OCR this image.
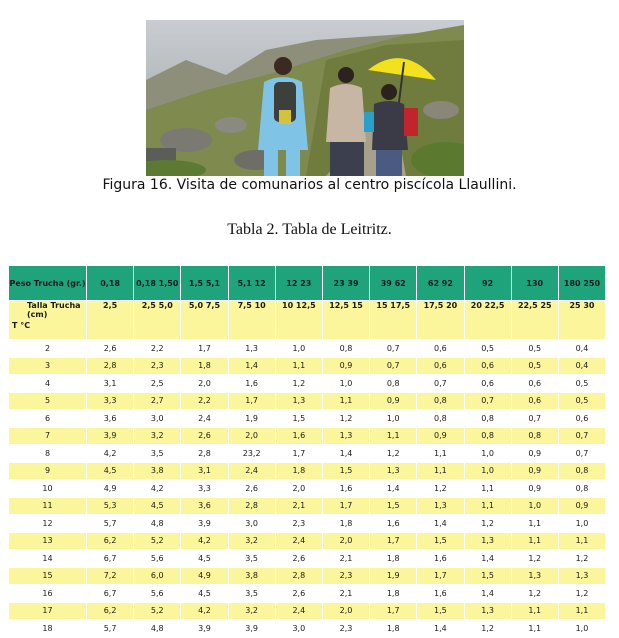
Figura 16. Visita de comunarios al centro piscícola Llaullini.
Tabla 2. Tabla de Leitritz.
Peso Trucha (gr.)	0,18	0,18 1,50	1,5 5,1	5,1 12	12 23	23 39	39 62	62 92	92	130	180 250

Talla Trucha (cm)
T °C	2,5	2,5 5,0	5,0 7,5	7,5 10	10 12,5	12,5 15	15 17,5	17,5 20	20 22,5	22,5 25	25 30
2	2,6	2,2	1,7	1,3	1,0	0,8	0,7	0,6	0,5	0,5	0,4
3	2,8	2,3	1,8	1,4	1,1	0,9	0,7	0,6	0,6	0,5	0,4
4	3,1	2,5	2,0	1,6	1,2	1,0	0,8	0,7	0,6	0,6	0,5
5	3,3	2,7	2,2	1,7	1,3	1,1	0,9	0,8	0,7	0,6	0,5
6	3,6	3,0	2,4	1,9	1,5	1,2	1,0	0,8	0,8	0,7	0,6
7	3,9	3,2	2,6	2,0	1,6	1,3	1,1	0,9	0,8	0,8	0,7
8	4,2	3,5	2,8	23,2	1,7	1,4	1,2	1,1	1,0	0,9	0,7
9	4,5	3,8	3,1	2,4	1,8	1,5	1,3	1,1	1,0	0,9	0,8
10	4,9	4,2	3,3	2,6	2,0	1,6	1,4	1,2	1,1	0,9	0,8
11	5,3	4,5	3,6	2,8	2,1	1,7	1,5	1,3	1,1	1,0	0,9
12	5,7	4,8	3,9	3,0	2,3	1,8	1,6	1,4	1,2	1,1	1,0
13	6,2	5,2	4,2	3,2	2,4	2,0	1,7	1,5	1,3	1,1	1,1
14	6,7	5,6	4,5	3,5	2,6	2,1	1,8	1,6	1,4	1,2	1,2
15	7,2	6,0	4,9	3,8	2,8	2,3	1,9	1,7	1,5	1,3	1,3
16	6,7	5,6	4,5	3,5	2,6	2,1	1,8	1,6	1,4	1,2	1,2
17	6,2	5,2	4,2	3,2	2,4	2,0	1,7	1,5	1,3	1,1	1,1
18	5,7	4,8	3,9	3,9	3,0	2,3	1,8	1,4	1,2	1,1	1,0
